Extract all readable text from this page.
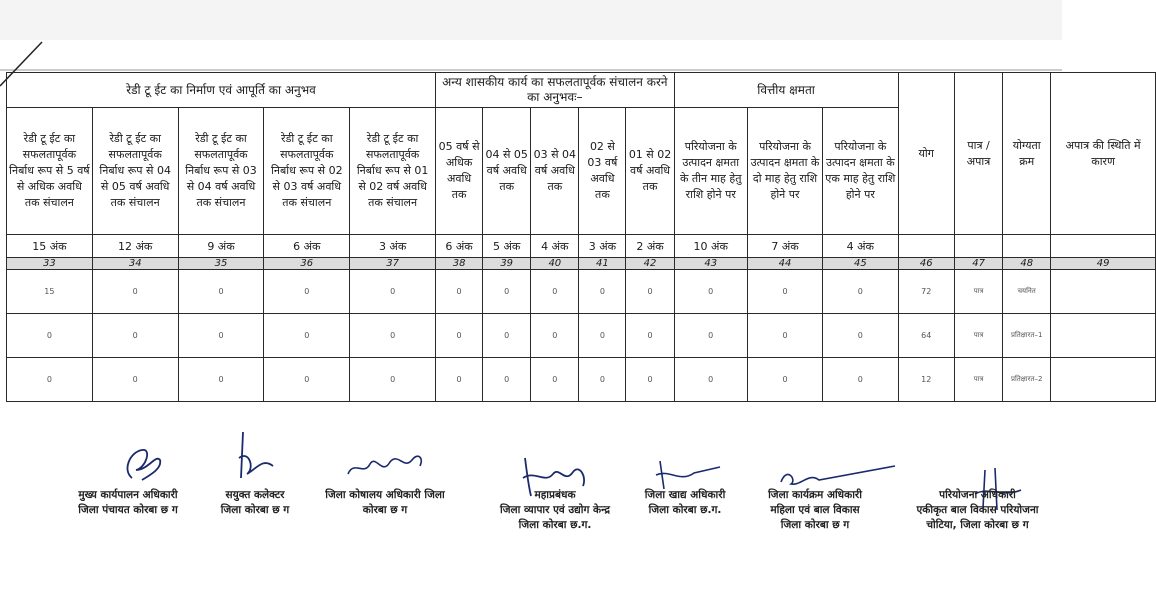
रेडी टू ईट का निर्माण एवं आपूर्ति का अनुभव					अन्य शासकीय कार्य का सफलतापूर्वक संचालन करने का अनुभवः–					वित्तीय क्षमता			योग	पात्र / अपात्र	योग्यता क्रम	अपात्र की स्थिति में कारण
रेडी टू ईट का सफलतापूर्वक निर्बाध रूप से 5 वर्ष से अधिक अवधि तक संचालन	रेडी टू ईट का सफलतापूर्वक निर्बाध रूप से 04 से 05 वर्ष अवधि तक संचालन	रेडी टू ईट का सफलतापूर्वक निर्बाध रूप से 03 से 04 वर्ष अवधि तक संचालन	रेडी टू ईट का सफलतापूर्वक निर्बाध रूप से 02 से 03 वर्ष अवधि तक संचालन	रेडी टू ईट का सफलतापूर्वक निर्बाध रूप से 01 से 02 वर्ष अवधि तक संचालन	05 वर्ष से अधिक अवधि तक	04 से 05 वर्ष अवधि तक	03 से 04 वर्ष अवधि तक	02 से 03 वर्ष अवधि तक	01 से 02 वर्ष अवधि तक	परियोजना के उत्पादन क्षमता के तीन माह हेतु राशि होने पर	परियोजना के उत्पादन क्षमता के दो माह हेतु राशि होने पर	परियोजना के उत्पादन क्षमता के एक माह हेतु राशि होने पर				
15 अंक	12 अंक	9 अंक	6 अंक	3 अंक	6 अंक	5 अंक	4 अंक	3 अंक	2 अंक	10 अंक	7 अंक	4 अंक				
33	34	35	36	37	38	39	40	41	42	43	44	45	46	47	48	49
15	0	0	0	0	0	0	0	0	0	0	0	0	72	पात्र	चयनित	
0	0	0	0	0	0	0	0	0	0	0	0	0	64	पात्र	प्रतिक्षारत–1	
0	0	0	0	0	0	0	0	0	0	0	0	0	12	पात्र	प्रतिक्षारत–2	
मुख्य कार्यपालन अधिकारी
जिला पंचायत कोरबा छ ग
सयुक्त कलेक्टर
जिला कोरबा छ ग
जिला कोषालय अधिकारी जिला
कोरबा छ ग
महाप्रबंधक
जिला व्यापार एवं उद्योग केन्द्र
जिला कोरबा छ.ग.
जिला खाद्य अधिकारी
जिला कोरबा छ.ग.
जिला कार्यक्रम अधिकारी
महिला एवं बाल विकास
जिला कोरबा छ ग
परियोजना अधिकारी
एकीकृत बाल विकास परियोजना
चोटिया, जिला कोरबा छ ग
